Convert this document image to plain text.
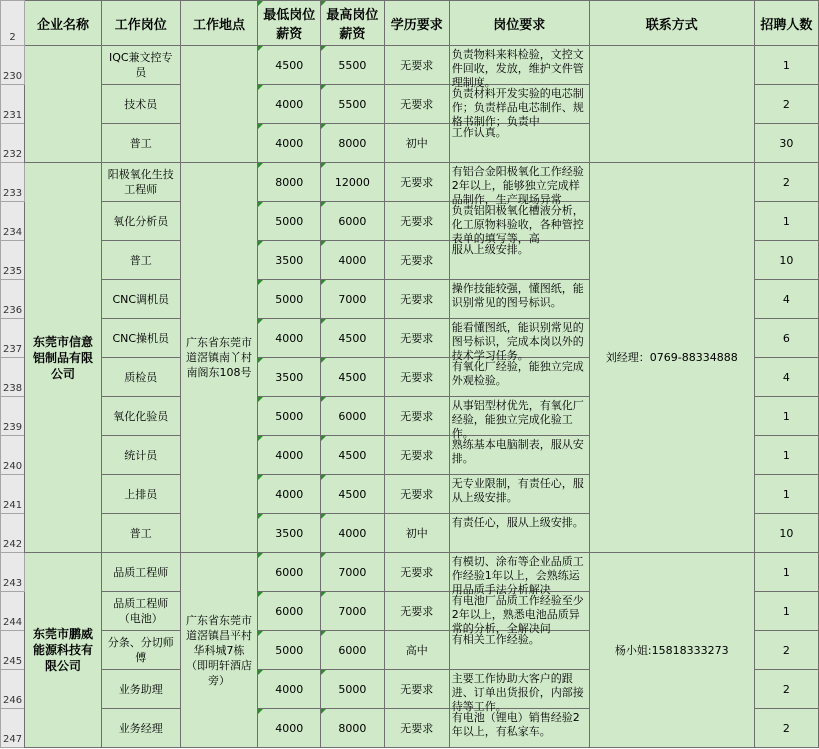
2	企业名称	工作岗位	工作地点	最低岗位薪资	最高岗位薪资	学历要求	岗位要求	联系方式	招聘人数
230		IQC兼文控专员		4500	5500	无要求	负责物料来料检验，文控文件回收，发放，维护文件管理制度。		1
231		技术员		4000	5500	无要求	负责材料开发实验的电芯制作；负责样品电芯制作、规格书制作；负责中		2
232		普工		4000	8000	初中	工作认真。		30
233	东莞市信意铝制品有限公司	阳极氧化生技工程师	广东省东莞市道滘镇南丫村南阁东108号	8000	12000	无要求	有铝合金阳极氧化工作经验2年以上，能够独立完成样品制作，生产现场异常	刘经理：0769-88334888	2
234		氧化分析员		5000	6000	无要求	负责铝阳极氧化槽液分析，化工原物料验收，各种管控表单的填写等，高		1
235		普工		3500	4000	无要求	服从上级安排。		10
236		CNC调机员		5000	7000	无要求	操作技能较强，懂图纸，能识别常见的图号标识。		4
237		CNC操机员		4000	4500	无要求	能看懂图纸，能识别常见的图号标识，完成本岗以外的技术学习任务。		6
238		质检员		3500	4500	无要求	有氧化厂经验，能独立完成外观检验。		4
239		氧化化验员		5000	6000	无要求	从事铝型材优先，有氧化厂经验，能独立完成化验工作。		1
240		统计员		4000	4500	无要求	熟练基本电脑制表，服从安排。		1
241		上排员		4000	4500	无要求	无专业限制，有责任心，服从上级安排。		1
242		普工		3500	4000	初中	有责任心，服从上级安排。		10
243	东莞市鹏威能源科技有限公司	品质工程师	广东省东莞市道滘镇昌平村华科城7栋（即明轩酒店旁）	6000	7000	无要求	有模切、涂布等企业品质工作经验1年以上，会熟练运用品质手法分析解决	杨小姐:15818333273	1
244		品质工程师（电池）		6000	7000	无要求	有电池厂品质工作经验至少2年以上，熟悉电池品质异常的分析，全解决问		1
245		分条、分切师傅		5000	6000	高中	有相关工作经验。		2
246		业务助理		4000	5000	无要求	主要工作协助大客户的跟进、订单出货报价，内部接待等工作。		2
247		业务经理		4000	8000	无要求	有电池（锂电）销售经验2年以上，有私家车。		2
